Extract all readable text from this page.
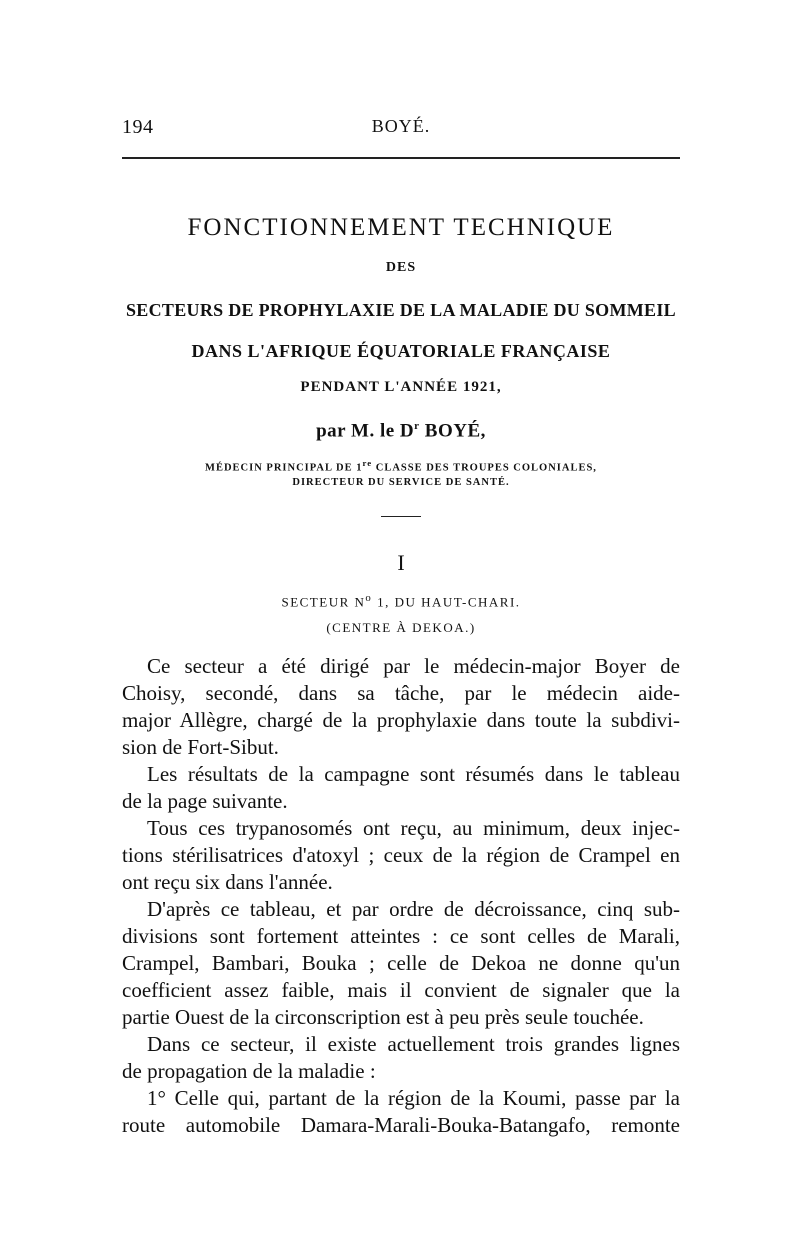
194	BOYÉ.
FONCTIONNEMENT TECHNIQUE
DES
SECTEURS DE PROPHYLAXIE DE LA MALADIE DU SOMMEIL
DANS L'AFRIQUE ÉQUATORIALE FRANÇAISE
PENDANT L'ANNÉE 1921,
par M. le $D^r$ BOYÉ,
MÉDECIN PRINCIPAL DE 1re CLASSE DES TROUPES COLONIALES,
DIRECTEUR DU SERVICE DE SANTÉ.
I
SECTEUR $N^o$ 1, DU HAUT-CHARI.
(CENTRE À DEKOA.)
Ce secteur a été dirigé par le médecin-major Boyer de
Choisy, secondé, dans sa tâche, par le médecin aide-
major Allègre, chargé de la prophylaxie dans toute la subdivi-
sion de Fort-Sibut.
Les résultats de la campagne sont résumés dans le tableau
de la page suivante.
Tous ces trypanosomés ont reçu, au minimum, deux injec-
tions stérilisatrices d'atoxyl ; ceux de la région de Crampel en
ont reçu six dans l'année.
D'après ce tableau, et par ordre de décroissance, cinq sub-
divisions sont fortement atteintes : ce sont celles de Marali,
Crampel, Bambari, Bouka ; celle de Dekoa ne donne qu'un
coefficient assez faible, mais il convient de signaler que la
partie Ouest de la circonscription est à peu près seule touchée.
Dans ce secteur, il existe actuellement trois grandes lignes
de propagation de la maladie :
1° Celle qui, partant de la région de la Koumi, passe par la
route automobile Damara-Marali-Bouka-Batangafo, remonte
